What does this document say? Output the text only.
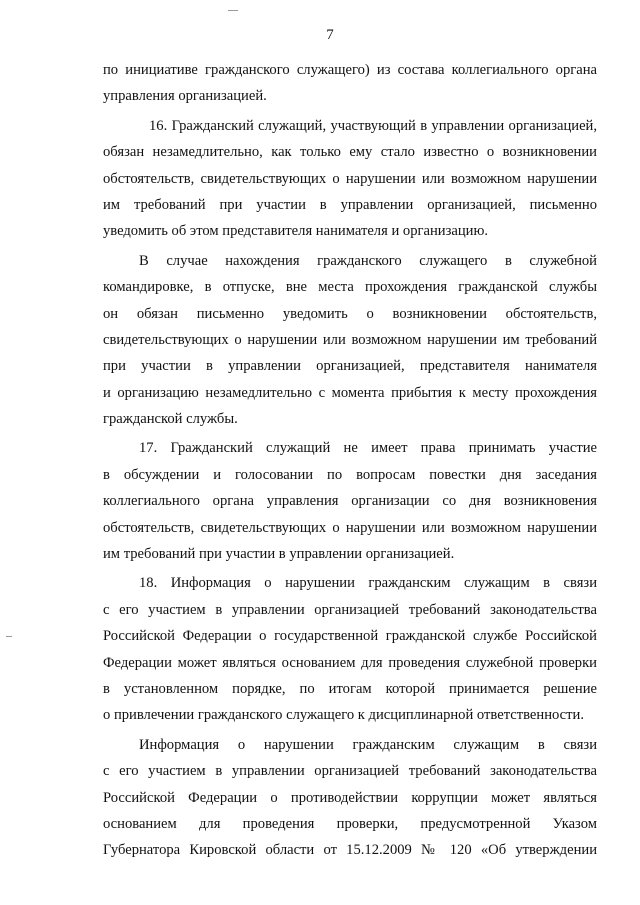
7
по инициативе гражданского служащего) из состава коллегиального органа
управления организацией.
16. Гражданский служащий, участвующий в управлении организацией,
обязан незамедлительно, как только ему стало известно о возникновении
обстоятельств, свидетельствующих о нарушении или возможном нарушении
им требований при участии в управлении организацией, письменно
уведомить об этом представителя нанимателя и организацию.
В случае нахождения гражданского служащего в служебной
командировке, в отпуске, вне места прохождения гражданской службы
он обязан письменно уведомить о возникновении обстоятельств,
свидетельствующих о нарушении или возможном нарушении им требований
при участии в управлении организацией, представителя нанимателя
и организацию незамедлительно с момента прибытия к месту прохождения
гражданской службы.
17. Гражданский служащий не имеет права принимать участие
в обсуждении и голосовании по вопросам повестки дня заседания
коллегиального органа управления организации со дня возникновения
обстоятельств, свидетельствующих о нарушении или возможном нарушении
им требований при участии в управлении организацией.
18. Информация о нарушении гражданским служащим в связи
с его участием в управлении организацией требований законодательства
Российской Федерации о государственной гражданской службе Российской
Федерации может являться основанием для проведения служебной проверки
в установленном порядке, по итогам которой принимается решение
о привлечении гражданского служащего к дисциплинарной ответственности.
Информация о нарушении гражданским служащим в связи
с его участием в управлении организацией требований законодательства
Российской Федерации о противодействии коррупции может являться
основанием для проведения проверки, предусмотренной Указом
Губернатора Кировской области от 15.12.2009 № 120 «Об утверждении
